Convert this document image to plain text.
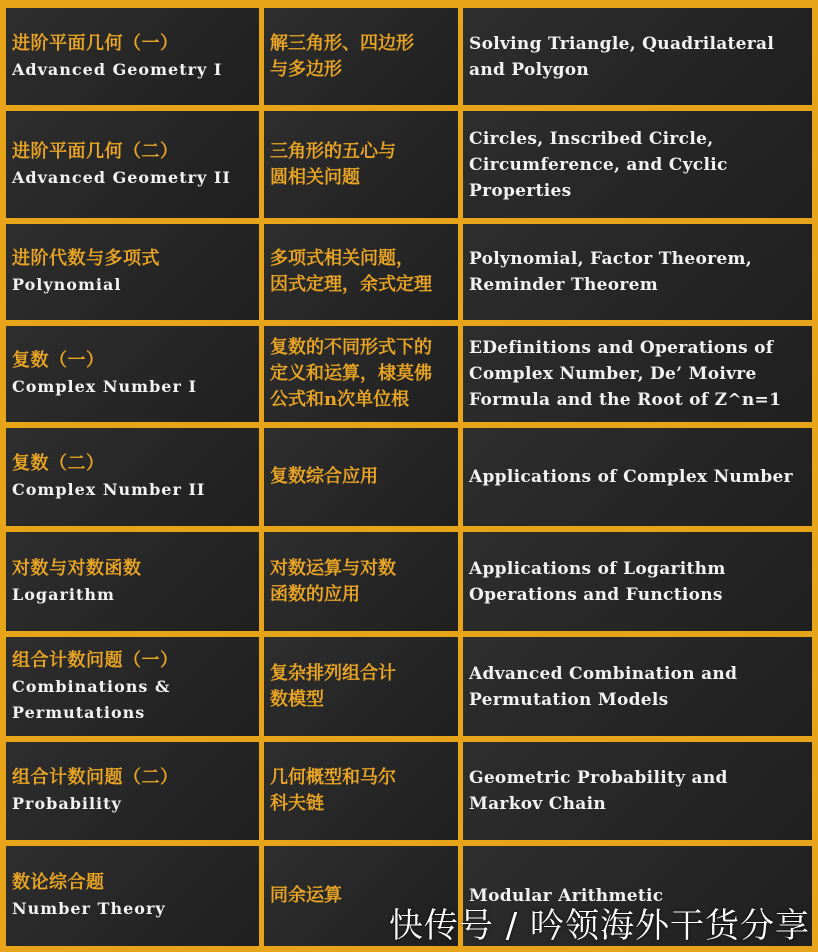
进阶平面几何（一）
Advanced Geometry I
解三角形、四边形
与多边形
Solving Triangle, Quadrilateral
and Polygon
进阶平面几何（二）
Advanced Geometry II
三角形的五心与
圆相关问题
Circles, Inscribed Circle,
Circumference, and Cyclic
Properties
进阶代数与多项式
Polynomial
多项式相关问题，
因式定理，余式定理
Polynomial, Factor Theorem,
Reminder Theorem
复数（一）
Complex Number I
复数的不同形式下的
定义和运算，棣莫佛
公式和n次单位根
EDefinitions and Operations of
Complex Number, De’ Moivre
Formula and the Root of Z^n=1
复数（二）
Complex Number II
复数综合应用	Applications of Complex Number
对数与对数函数
Logarithm
对数运算与对数
函数的应用
Applications of Logarithm
Operations and Functions
组合计数问题（一）
Combinations &
Permutations
复杂排列组合计
数模型
Advanced Combination and
Permutation Models
组合计数问题（二）
Probability
几何概型和马尔
科夫链
Geometric Probability and
Markov Chain
数论综合题
Number Theory
同余运算	Modular Arithmetic
快传号 / 吟领海外干货分享
